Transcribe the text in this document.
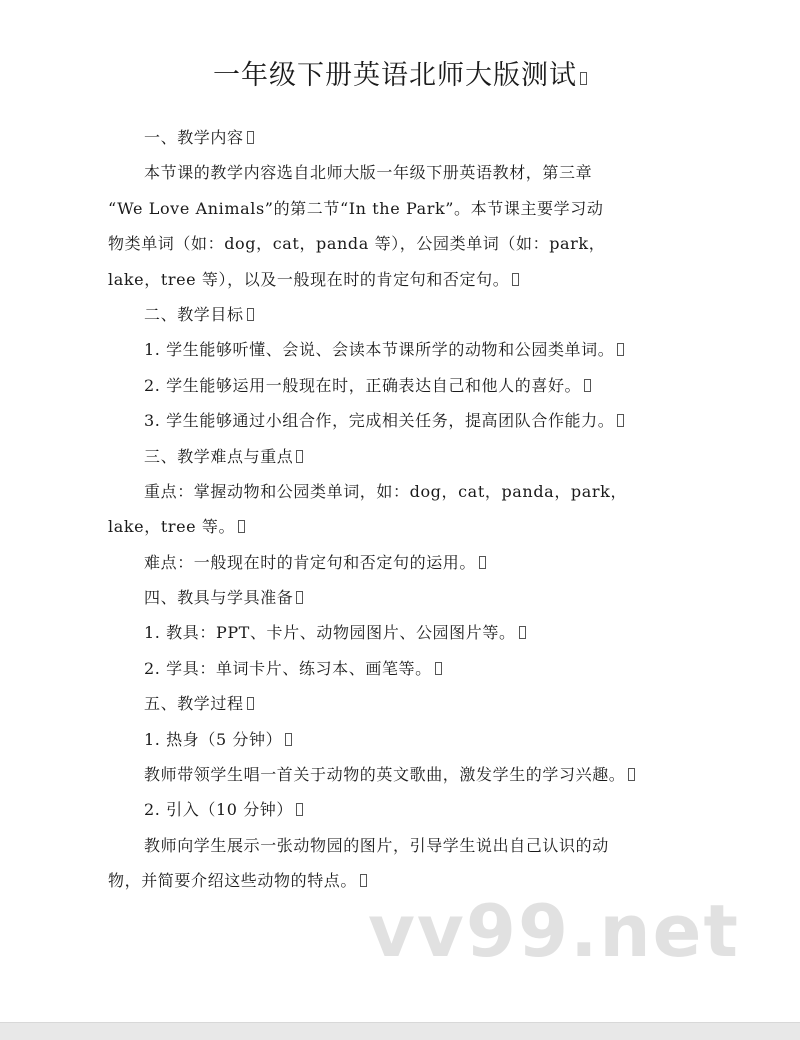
一年级下册英语北师大版测试
一、教学内容
本节课的教学内容选自北师大版一年级下册英语教材，第三章
“We Love Animals”的第二节“In the Park”。本节课主要学习动
物类单词（如：dog，cat，panda 等），公园类单词（如：park，
lake，tree 等），以及一般现在时的肯定句和否定句。
二、教学目标
1. 学生能够听懂、会说、会读本节课所学的动物和公园类单词。
2. 学生能够运用一般现在时，正确表达自己和他人的喜好。
3. 学生能够通过小组合作，完成相关任务，提高团队合作能力。
三、教学难点与重点
重点：掌握动物和公园类单词，如：dog，cat，panda，park，
lake，tree 等。
难点：一般现在时的肯定句和否定句的运用。
四、教具与学具准备
1. 教具：PPT、卡片、动物园图片、公园图片等。
2. 学具：单词卡片、练习本、画笔等。
五、教学过程
1. 热身（5 分钟）
教师带领学生唱一首关于动物的英文歌曲，激发学生的学习兴趣。
2. 引入（10 分钟）
教师向学生展示一张动物园的图片，引导学生说出自己认识的动
物，并简要介绍这些动物的特点。
vv99.net
